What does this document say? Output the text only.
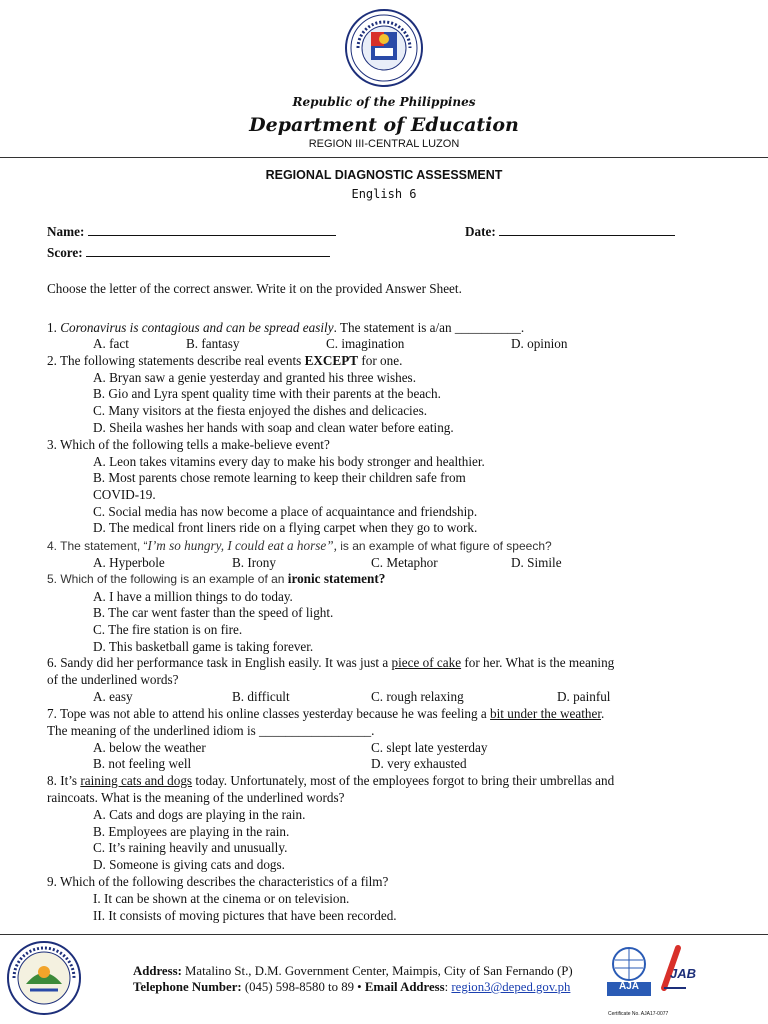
Republic of the Philippines
Department of Education
REGION III-CENTRAL LUZON
REGIONAL DIAGNOSTIC ASSESSMENT
English 6
Name:	Date:
Score:
Choose the letter of the correct answer. Write it on the provided Answer Sheet.
1. Coronavirus is contagious and can be spread easily. The statement is a/an __________.
A. fact	B. fantasy	C. imagination	D. opinion
2. The following statements describe real events EXCEPT for one.
A. Bryan saw a genie yesterday and granted his three wishes.
B. Gio and Lyra spent quality time with their parents at the beach.
C. Many visitors at the fiesta enjoyed the dishes and delicacies.
D. Sheila washes her hands with soap and clean water before eating.
3. Which of the following tells a make-believe event?
A. Leon takes vitamins every day to make his body stronger and healthier.
B. Most parents chose remote learning to keep their children safe from
COVID-19.
C. Social media has now become a place of acquaintance and friendship.
D. The medical front liners ride on a flying carpet when they go to work.
4. The statement, “I’m so hungry, I could eat a horse”, is an example of what figure of speech?
A. Hyperbole	B. Irony	C. Metaphor	D. Simile
5. Which of the following is an example of an ironic statement?
A. I have a million things to do today.
B. The car went faster than the speed of light.
C. The fire station is on fire.
D. This basketball game is taking forever.
6. Sandy did her performance task in English easily. It was just a piece of cake for her. What is the meaning
of the underlined words?
A. easy	B. difficult	C. rough relaxing	D. painful
7. Tope was not able to attend his online classes yesterday because he was feeling a bit under the weather.
The meaning of the underlined idiom is _________________.
A. below the weather	C. slept late yesterday
B. not feeling well	D. very exhausted
8. It’s raining cats and dogs today. Unfortunately, most of the employees forgot to bring their umbrellas and
raincoats. What is the meaning of the underlined words?
A. Cats and dogs are playing in the rain.
B. Employees are playing in the rain.
C. It’s raining heavily and unusually.
D. Someone is giving cats and dogs.
9. Which of the following describes the characteristics of a film?
I. It can be shown at the cinema or on television.
II. It consists of moving pictures that have been recorded.
Address: Matalino St., D.M. Government Center, Maimpis, City of San Fernando (P)
Telephone Number: (045) 598-8580 to 89 • Email Address: region3@deped.gov.ph	AJA
Certificate No. AJA17-0077
JAB
